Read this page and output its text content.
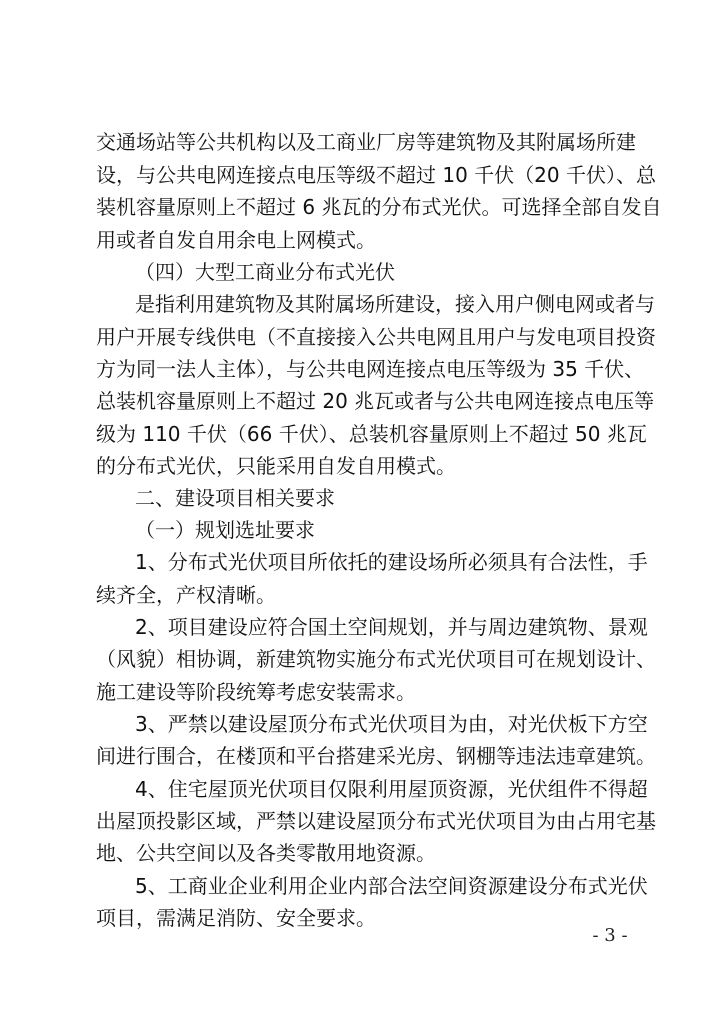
交通场站等公共机构以及工商业厂房等建筑物及其附属场所建
设，与公共电网连接点电压等级不超过 10 千伏（20 千伏）、总
装机容量原则上不超过 6 兆瓦的分布式光伏。可选择全部自发自
用或者自发自用余电上网模式。
（四）大型工商业分布式光伏
是指利用建筑物及其附属场所建设，接入用户侧电网或者与
用户开展专线供电（不直接接入公共电网且用户与发电项目投资
方为同一法人主体），与公共电网连接点电压等级为 35 千伏、
总装机容量原则上不超过 20 兆瓦或者与公共电网连接点电压等
级为 110 千伏（66 千伏）、总装机容量原则上不超过 50 兆瓦
的分布式光伏，只能采用自发自用模式。
二、建设项目相关要求
（一）规划选址要求
1、分布式光伏项目所依托的建设场所必须具有合法性，手
续齐全，产权清晰。
2、项目建设应符合国土空间规划，并与周边建筑物、景观
（风貌）相协调，新建筑物实施分布式光伏项目可在规划设计、
施工建设等阶段统筹考虑安装需求。
3、严禁以建设屋顶分布式光伏项目为由，对光伏板下方空
间进行围合，在楼顶和平台搭建采光房、钢棚等违法违章建筑。
4、住宅屋顶光伏项目仅限利用屋顶资源，光伏组件不得超
出屋顶投影区域，严禁以建设屋顶分布式光伏项目为由占用宅基
地、公共空间以及各类零散用地资源。
5、工商业企业利用企业内部合法空间资源建设分布式光伏
项目，需满足消防、安全要求。
- 3 -
